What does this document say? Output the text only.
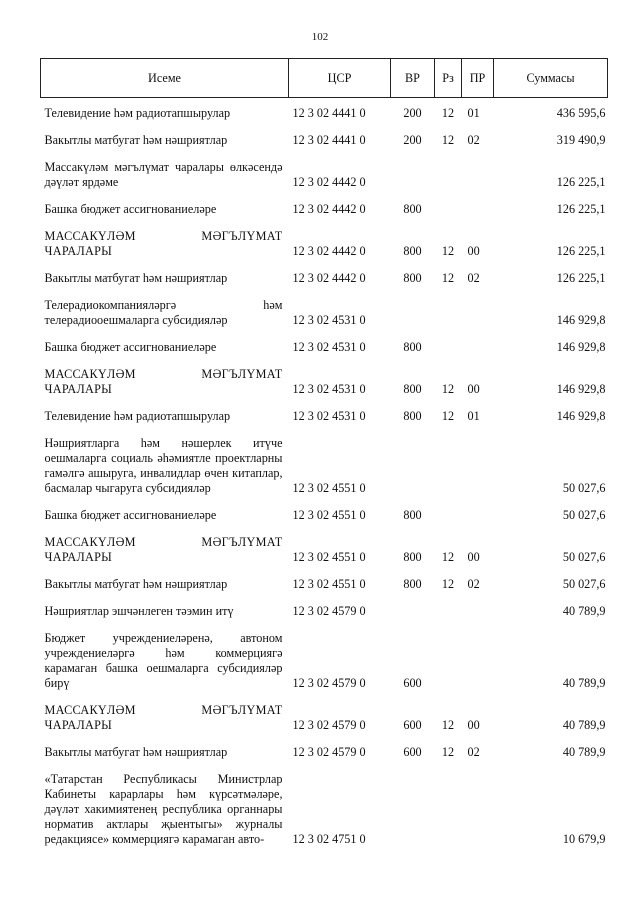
102
Исеме	ЦСР	ВР	Рз	ПР	Суммасы
Телевидение һәм радиотапшырулар	12 3 02 4441 0	200	12	01	436 595,6
Вакытлы матбугат һәм нәшриятлар	12 3 02 4441 0	200	12	02	319 490,9
Массакүләм мәгълүмат чаралары өлкәсендә дәүләт ярдәме	12 3 02 4442 0				126 225,1
Башка бюджет ассигнованиеләре	12 3 02 4442 0	800			126 225,1
МАССАКҮЛӘМ МӘГЪЛҮМАТ ЧАРАЛАРЫ	12 3 02 4442 0	800	12	00	126 225,1
Вакытлы матбугат һәм нәшриятлар	12 3 02 4442 0	800	12	02	126 225,1
Телерадиокомпанияләргә һәм телерадиооешмаларга субсидияләр	12 3 02 4531 0				146 929,8
Башка бюджет ассигнованиеләре	12 3 02 4531 0	800			146 929,8
МАССАКҮЛӘМ МӘГЪЛҮМАТ ЧАРАЛАРЫ	12 3 02 4531 0	800	12	00	146 929,8
Телевидение һәм радиотапшырулар	12 3 02 4531 0	800	12	01	146 929,8
Нәшриятларга һәм нәшерлек итүче оешмаларга социаль әһәмиятле проектларны гамәлгә ашыруга, инвалидлар өчен китаплар, басмалар чыгаруга субсидияләр	12 3 02 4551 0				50 027,6
Башка бюджет ассигнованиеләре	12 3 02 4551 0	800			50 027,6
МАССАКҮЛӘМ МӘГЪЛҮМАТ ЧАРАЛАРЫ	12 3 02 4551 0	800	12	00	50 027,6
Вакытлы матбугат һәм нәшриятлар	12 3 02 4551 0	800	12	02	50 027,6
Нәшриятлар эшчәнлеген тәэмин итү	12 3 02 4579 0				40 789,9
Бюджет учреждениеләренә, автоном учреждениеләргә һәм коммерциягә карамаган башка оешмаларга субсидияләр бирү	12 3 02 4579 0	600			40 789,9
МАССАКҮЛӘМ МӘГЪЛҮМАТ ЧАРАЛАРЫ	12 3 02 4579 0	600	12	00	40 789,9
Вакытлы матбугат һәм нәшриятлар	12 3 02 4579 0	600	12	02	40 789,9
«Татарстан Республикасы Министрлар Кабинеты карарлары һәм күрсәтмәләре, дәүләт хакимиятенең республика органнары норматив актлары җыентыгы» журналы редакциясе» коммерциягә карамаган авто-	12 3 02 4751 0				10 679,9
